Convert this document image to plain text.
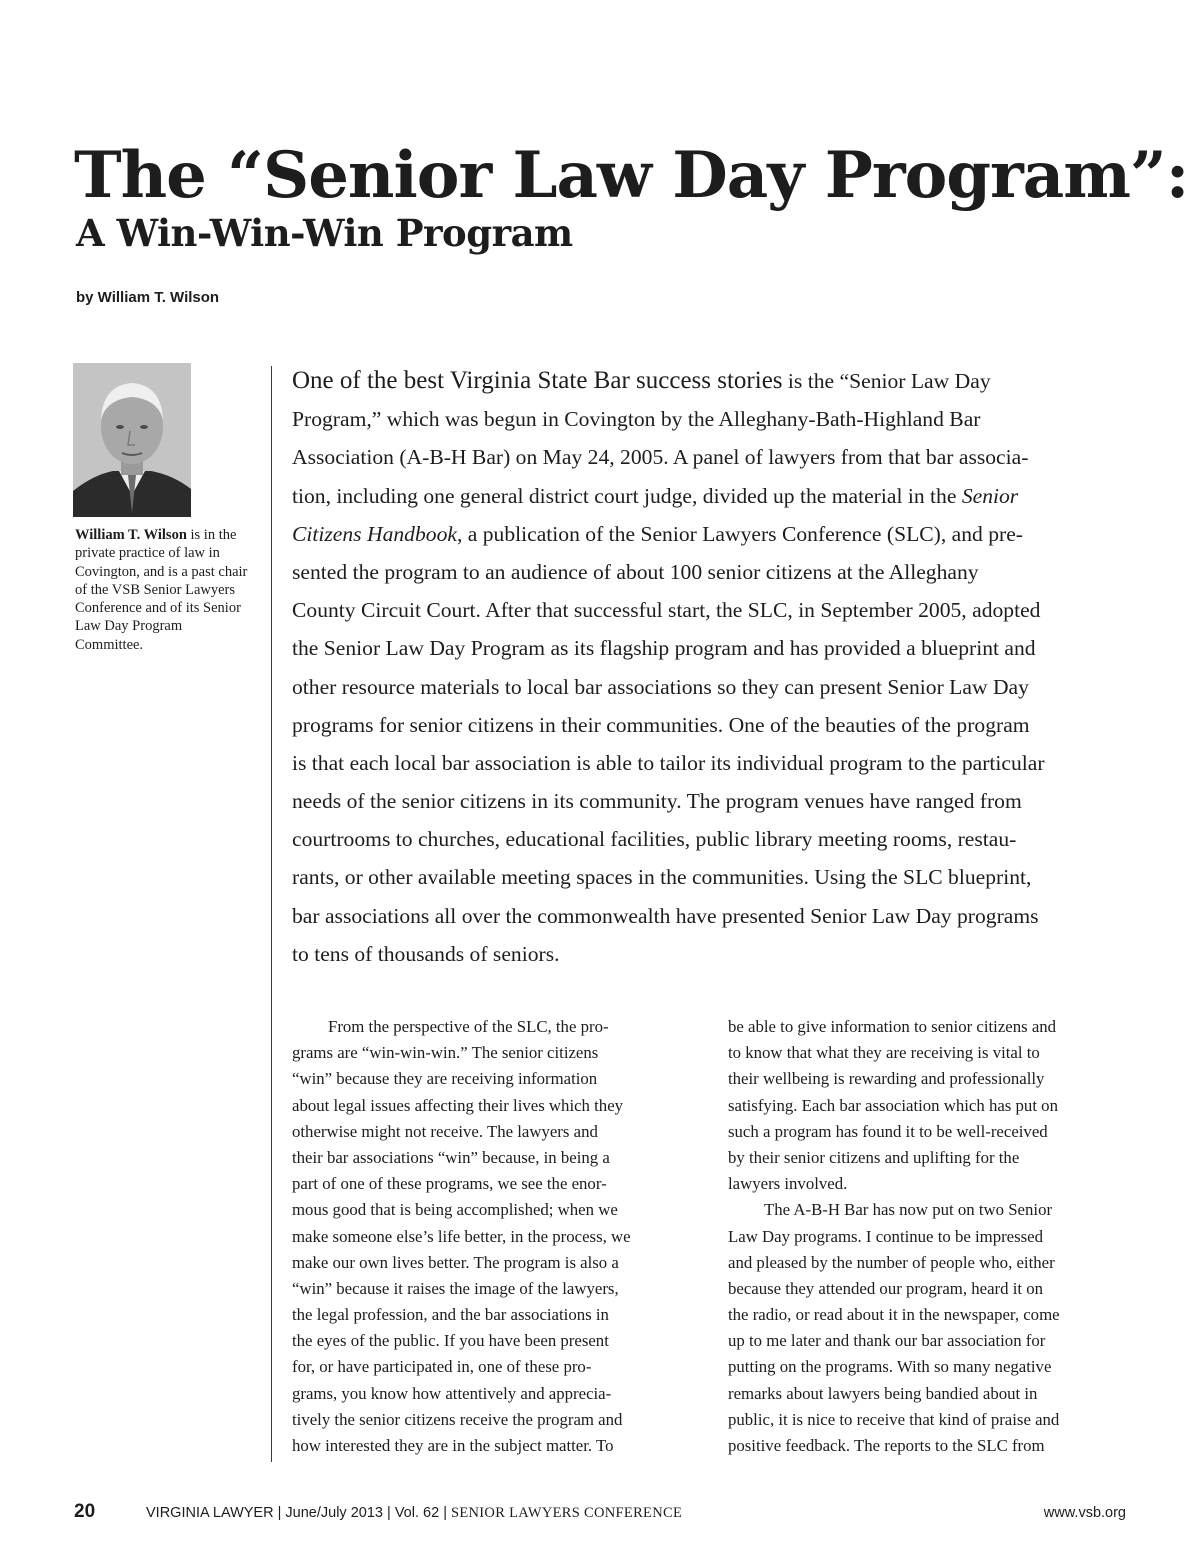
The “Senior Law Day Program”:
A Win-Win-Win Program
by William T. Wilson
William T. Wilson is in the private practice of law in Covington, and is a past chair of the VSB Senior Lawyers Conference and of its Senior Law Day Program Committee.
One of the best Virginia State Bar success stories is the “Senior Law Day
Program,” which was begun in Covington by the Alleghany-Bath-Highland Bar
Association (A-B-H Bar) on May 24, 2005. A panel of lawyers from that bar associa-
tion, including one general district court judge, divided up the material in the Senior
Citizens Handbook, a publication of the Senior Lawyers Conference (SLC), and pre-
sented the program to an audience of about 100 senior citizens at the Alleghany
County Circuit Court. After that successful start, the SLC, in September 2005, adopted
the Senior Law Day Program as its flagship program and has provided a blueprint and
other resource materials to local bar associations so they can present Senior Law Day
programs for senior citizens in their communities. One of the beauties of the program
is that each local bar association is able to tailor its individual program to the particular
needs of the senior citizens in its community. The program venues have ranged from
courtrooms to churches, educational facilities, public library meeting rooms, restau-
rants, or other available meeting spaces in the communities. Using the SLC blueprint,
bar associations all over the commonwealth have presented Senior Law Day programs
to tens of thousands of seniors.
From the perspective of the SLC, the pro-
grams are “win-win-win.” The senior citizens
“win” because they are receiving information
about legal issues affecting their lives which they
otherwise might not receive. The lawyers and
their bar associations “win” because, in being a
part of one of these programs, we see the enor-
mous good that is being accomplished; when we
make someone else’s life better, in the process, we
make our own lives better. The program is also a
“win” because it raises the image of the lawyers,
the legal profession, and the bar associations in
the eyes of the public. If you have been present
for, or have participated in, one of these pro-
grams, you know how attentively and apprecia-
tively the senior citizens receive the program and
how interested they are in the subject matter. To
be able to give information to senior citizens and
to know that what they are receiving is vital to
their wellbeing is rewarding and professionally
satisfying. Each bar association which has put on
such a program has found it to be well-received
by their senior citizens and uplifting for the
lawyers involved.
The A-B-H Bar has now put on two Senior
Law Day programs. I continue to be impressed
and pleased by the number of people who, either
because they attended our program, heard it on
the radio, or read about it in the newspaper, come
up to me later and thank our bar association for
putting on the programs. With so many negative
remarks about lawyers being bandied about in
public, it is nice to receive that kind of praise and
positive feedback. The reports to the SLC from
20	VIRGINIA LAWYER | June/July 2013 | Vol. 62 | SENIOR LAWYERS CONFERENCE	www.vsb.org
